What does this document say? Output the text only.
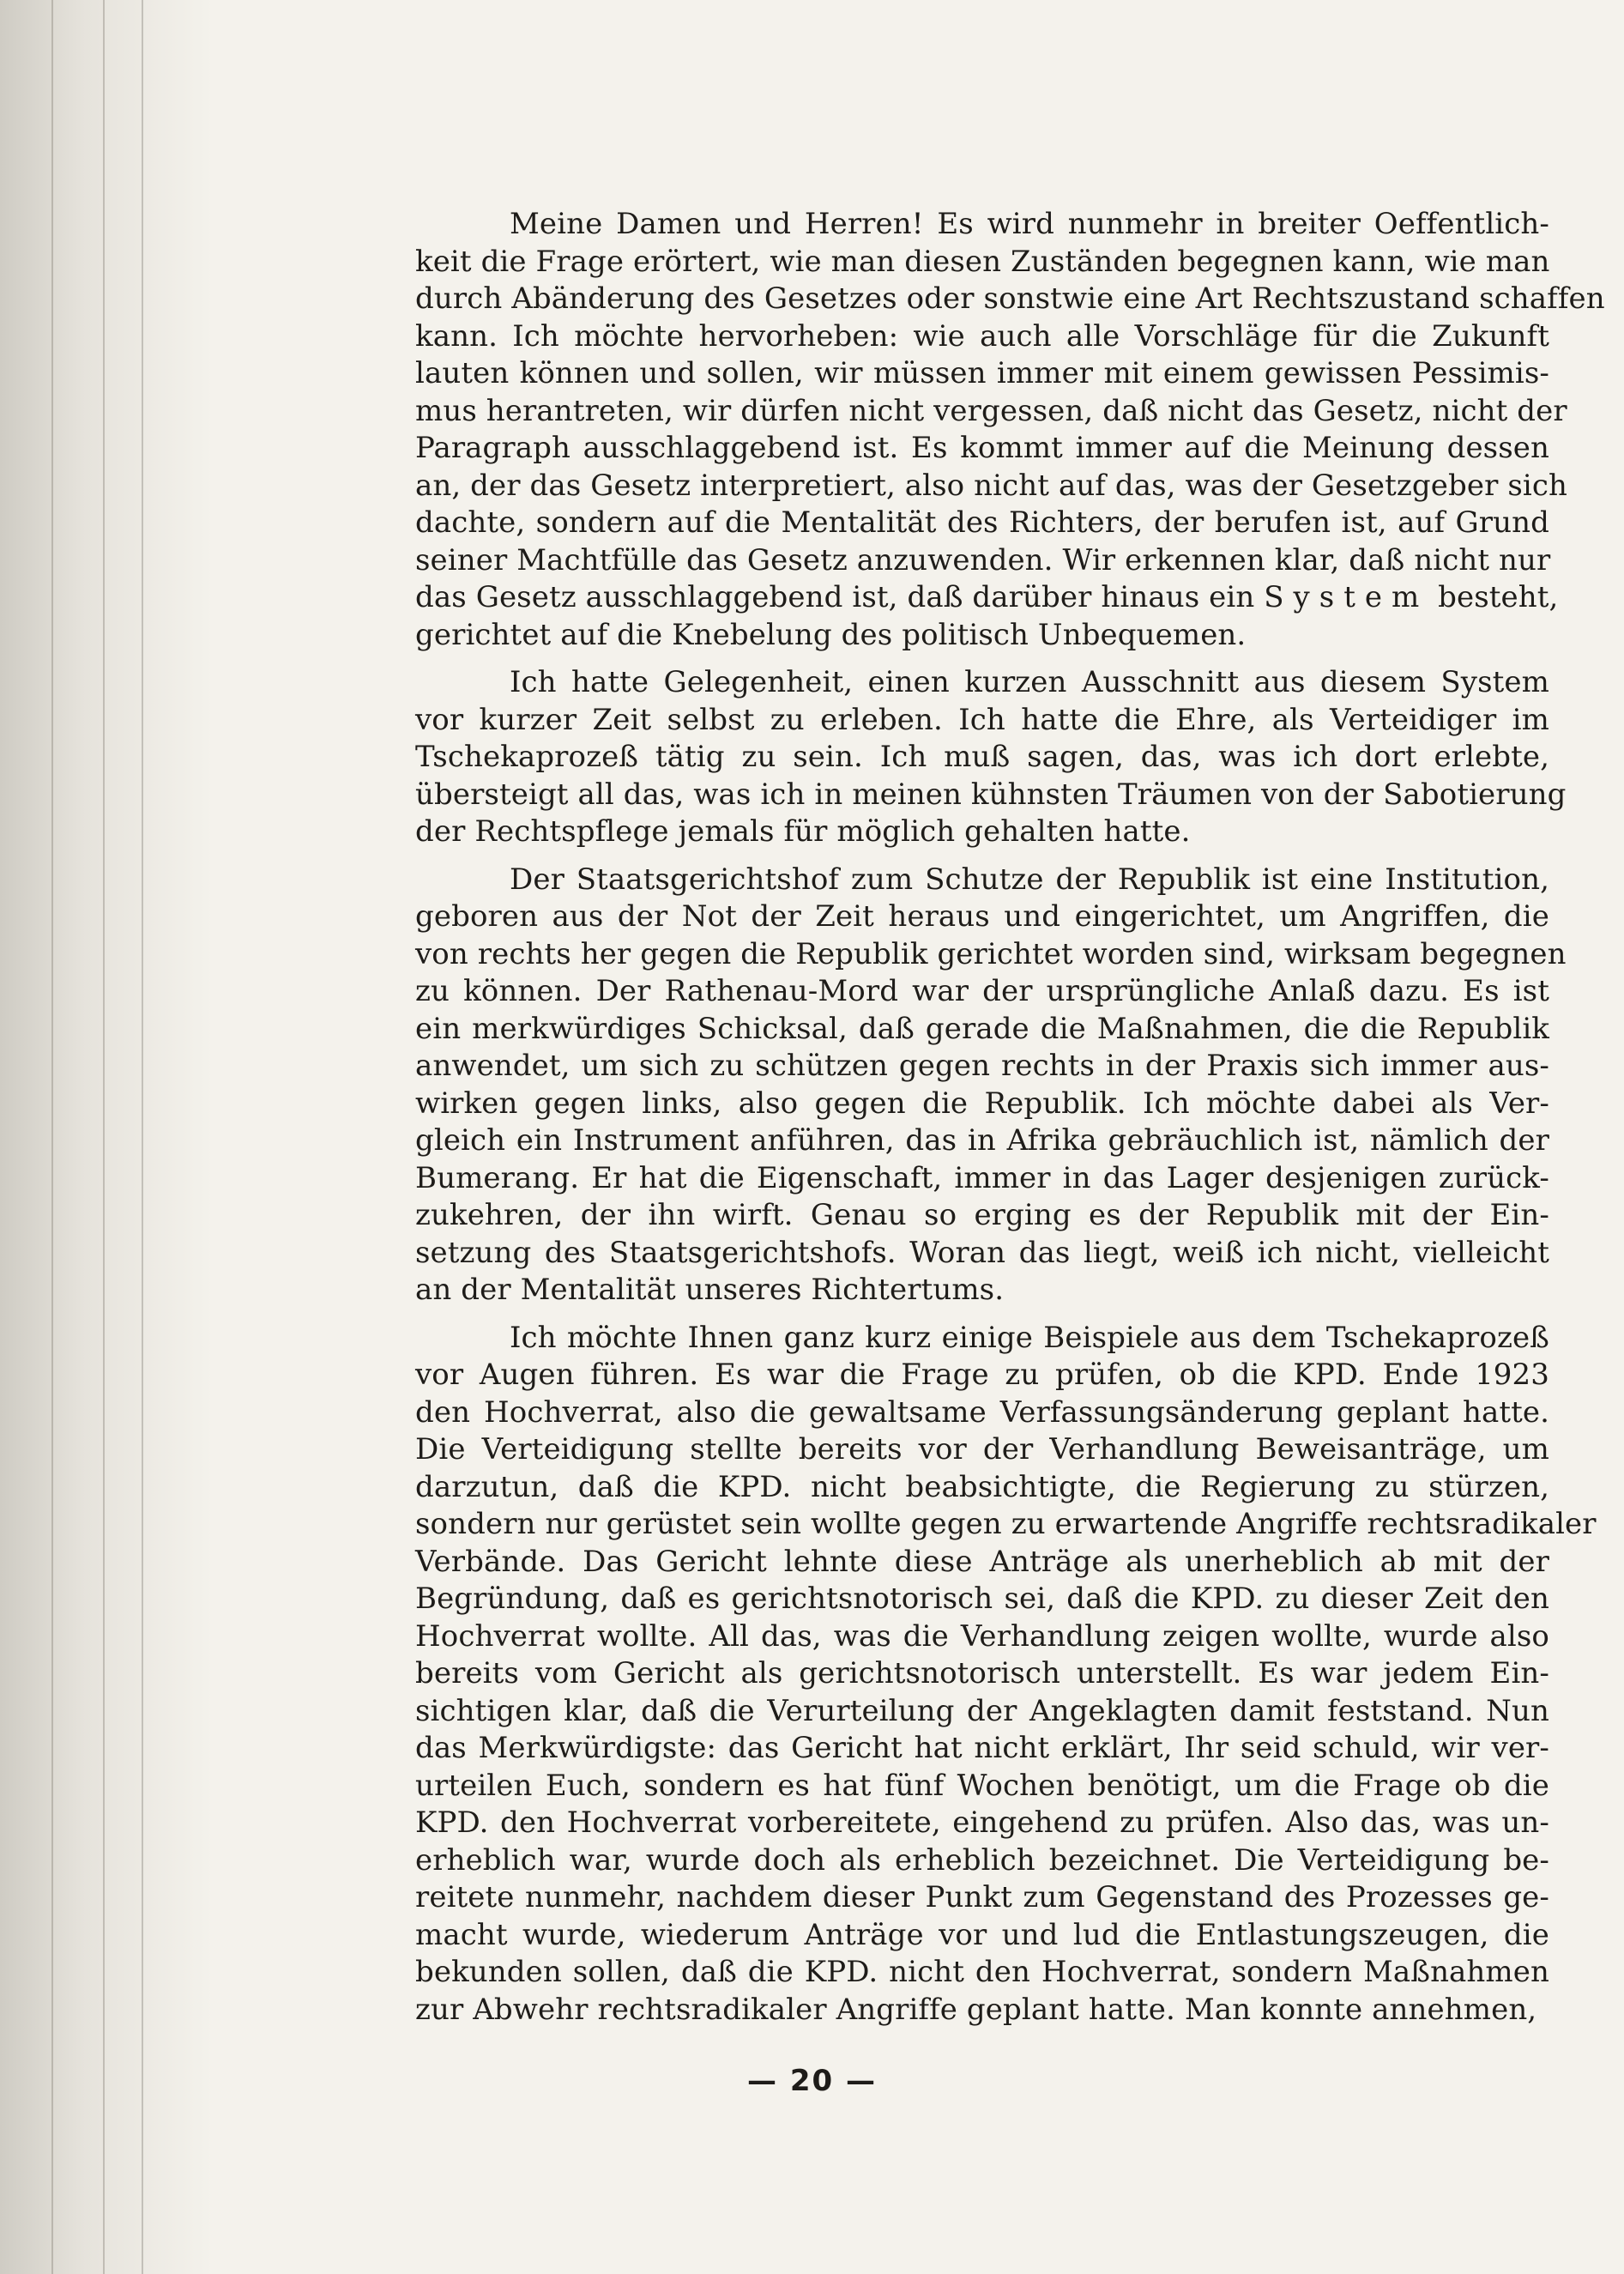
Meine Damen und Herren! Es wird nunmehr in breiter Oeffentlich-
keit die Frage erörtert, wie man diesen Zuständen begegnen kann, wie man
durch Abänderung des Gesetzes oder sonstwie eine Art Rechtszustand schaffen
kann. Ich möchte hervorheben: wie auch alle Vorschläge für die Zukunft
lauten können und sollen, wir müssen immer mit einem gewissen Pessimis-
mus herantreten, wir dürfen nicht vergessen, daß nicht das Gesetz, nicht der
Paragraph ausschlaggebend ist. Es kommt immer auf die Meinung dessen
an, der das Gesetz interpretiert, also nicht auf das, was der Gesetzgeber sich
dachte, sondern auf die Mentalität des Richters, der berufen ist, auf Grund
seiner Machtfülle das Gesetz anzuwenden. Wir erkennen klar, daß nicht nur
das Gesetz ausschlaggebend ist, daß darüber hinaus ein System besteht,
gerichtet auf die Knebelung des politisch Unbequemen.
Ich hatte Gelegenheit, einen kurzen Ausschnitt aus diesem System
vor kurzer Zeit selbst zu erleben. Ich hatte die Ehre, als Verteidiger im
Tschekaprozeß tätig zu sein. Ich muß sagen, das, was ich dort erlebte,
übersteigt all das, was ich in meinen kühnsten Träumen von der Sabotierung
der Rechtspflege jemals für möglich gehalten hatte.
Der Staatsgerichtshof zum Schutze der Republik ist eine Institution,
geboren aus der Not der Zeit heraus und eingerichtet, um Angriffen, die
von rechts her gegen die Republik gerichtet worden sind, wirksam begegnen
zu können. Der Rathenau-Mord war der ursprüngliche Anlaß dazu. Es ist
ein merkwürdiges Schicksal, daß gerade die Maßnahmen, die die Republik
anwendet, um sich zu schützen gegen rechts in der Praxis sich immer aus-
wirken gegen links, also gegen die Republik. Ich möchte dabei als Ver-
gleich ein Instrument anführen, das in Afrika gebräuchlich ist, nämlich der
Bumerang. Er hat die Eigenschaft, immer in das Lager desjenigen zurück-
zukehren, der ihn wirft. Genau so erging es der Republik mit der Ein-
setzung des Staatsgerichtshofs. Woran das liegt, weiß ich nicht, vielleicht
an der Mentalität unseres Richtertums.
Ich möchte Ihnen ganz kurz einige Beispiele aus dem Tschekaprozeß
vor Augen führen. Es war die Frage zu prüfen, ob die KPD. Ende 1923
den Hochverrat, also die gewaltsame Verfassungsänderung geplant hatte.
Die Verteidigung stellte bereits vor der Verhandlung Beweisanträge, um
darzutun, daß die KPD. nicht beabsichtigte, die Regierung zu stürzen,
sondern nur gerüstet sein wollte gegen zu erwartende Angriffe rechtsradikaler
Verbände. Das Gericht lehnte diese Anträge als unerheblich ab mit der
Begründung, daß es gerichtsnotorisch sei, daß die KPD. zu dieser Zeit den
Hochverrat wollte. All das, was die Verhandlung zeigen wollte, wurde also
bereits vom Gericht als gerichtsnotorisch unterstellt. Es war jedem Ein-
sichtigen klar, daß die Verurteilung der Angeklagten damit feststand. Nun
das Merkwürdigste: das Gericht hat nicht erklärt, Ihr seid schuld, wir ver-
urteilen Euch, sondern es hat fünf Wochen benötigt, um die Frage ob die
KPD. den Hochverrat vorbereitete, eingehend zu prüfen. Also das, was un-
erheblich war, wurde doch als erheblich bezeichnet. Die Verteidigung be-
reitete nunmehr, nachdem dieser Punkt zum Gegenstand des Prozesses ge-
macht wurde, wiederum Anträge vor und lud die Entlastungszeugen, die
bekunden sollen, daß die KPD. nicht den Hochverrat, sondern Maßnahmen
zur Abwehr rechtsradikaler Angriffe geplant hatte. Man konnte annehmen,
— 20 —
